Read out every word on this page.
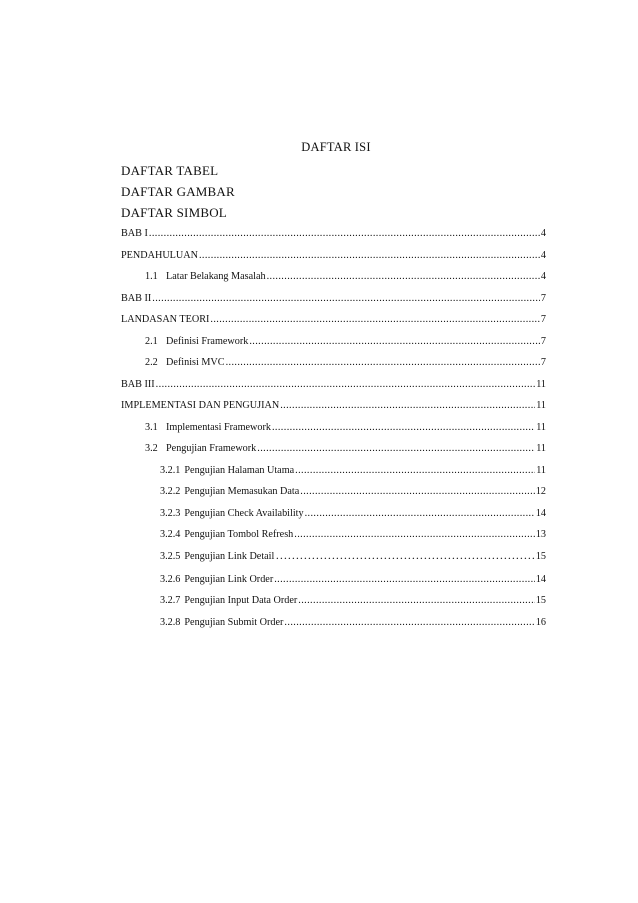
DAFTAR ISI
DAFTAR TABEL
DAFTAR GAMBAR
DAFTAR SIMBOL
BAB I .....	4
PENDAHULUAN .....	4
1.1 Latar Belakang Masalah .....	4
BAB II .....	7
LANDASAN TEORI .....	7
2.1 Definisi Framework .....	7
2.2 Definisi MVC .....	7
BAB III .....	11
IMPLEMENTASI DAN PENGUJIAN .....	11
3.1 Implementasi Framework .....	11
3.2 Pengujian Framework .....	11
3.2.1 Pengujian Halaman Utama .....	11
3.2.2 Pengujian Memasukan Data .....	12
3.2.3 Pengujian Check Availability .....	14
3.2.4 Pengujian Tombol Refresh .....	13
3.2.5 Pengujian Link Detail ……………………………………………………………………………………………………………………………………………………………………………………	15
3.2.6 Pengujian Link Order .....	14
3.2.7 Pengujian Input Data Order .....	15
3.2.8 Pengujian Submit Order .....	16
